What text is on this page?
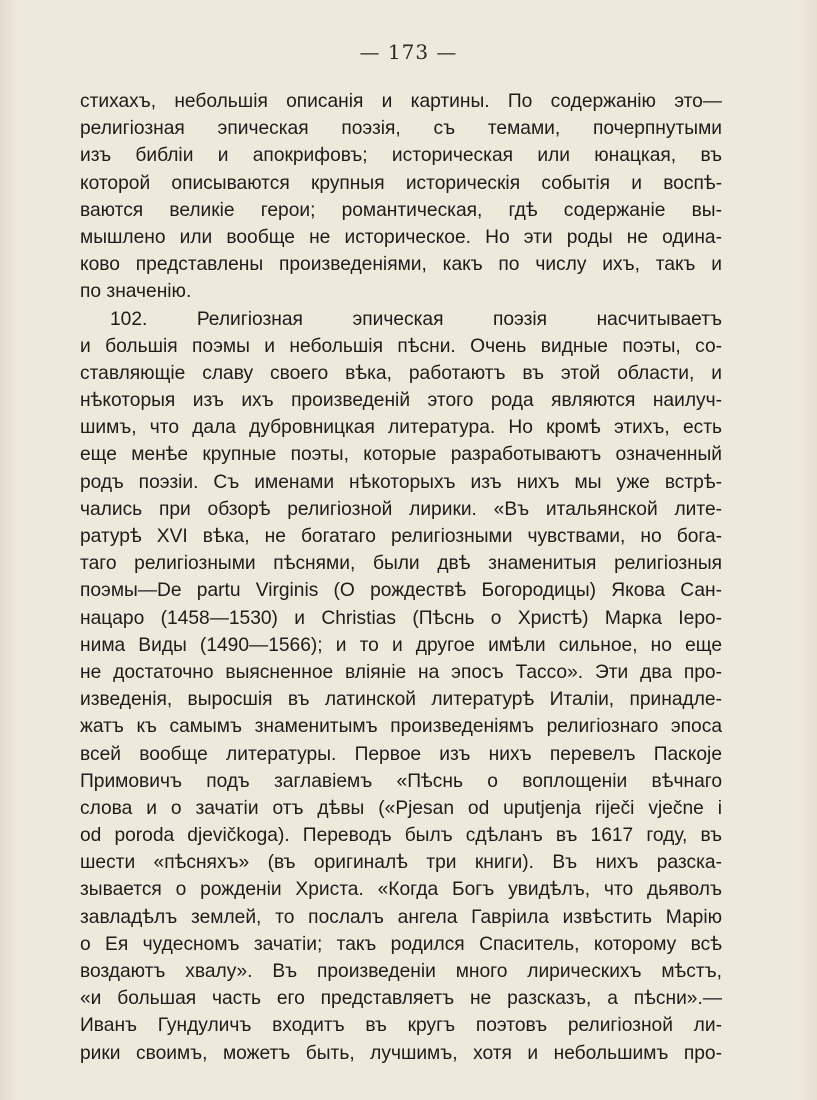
— 173 —
стихахъ, небольшія описанія и картины. По содержанію это—
религіозная эпическая поэзія, съ темами, почерпнутыми
изъ библіи и апокрифовъ; историческая или юнацкая, въ
которой описываются крупныя историческія событія и воспѣ-
ваются великіе герои; романтическая, гдѣ содержаніе вы-
мышлено или вообще не историческое. Но эти роды не одина-
ково представлены произведеніями, какъ по числу ихъ, такъ и
по значенію.
102. Религіозная эпическая поэзія насчитываетъ
и большія поэмы и небольшія пѣсни. Очень видные поэты, со-
ставляющіе славу своего вѣка, работаютъ въ этой области, и
нѣкоторыя изъ ихъ произведеній этого рода являются наилуч-
шимъ, что дала дубровницкая литература. Но кромѣ этихъ, есть
еще менѣе крупные поэты, которые разработываютъ означенный
родъ поэзіи. Съ именами нѣкоторыхъ изъ нихъ мы уже встрѣ-
чались при обзорѣ религіозной лирики. «Въ итальянской лите-
ратурѣ XVI вѣка, не богатаго религіозными чувствами, но бога-
таго религіозными пѣснями, были двѣ знаменитыя религіозныя
поэмы—De partu Virginis (О рождествѣ Богородицы) Якова Сан-
нацаро (1458—1530) и Christias (Пѣснь о Христѣ) Марка Іеро-
нима Виды (1490—1566); и то и другое имѣли сильное, но еще
не достаточно выясненное вліяніе на эпосъ Тассо». Эти два про-
изведенія, выросшія въ латинской литературѣ Италіи, принадле-
жатъ къ самымъ знаменитымъ произведеніямъ религіознаго эпоса
всей вообще литературы. Первое изъ нихъ перевелъ Паскоје
Примовичъ подъ заглавіемъ «Пѣснь о воплощеніи вѣчнаго
слова и о зачатіи отъ дѣвы («Pjesan od uputjenja riječi vječne i
od poroda djevičkoga). Переводъ былъ сдѣланъ въ 1617 году, въ
шести «пѣсняхъ» (въ оригиналѣ три книги). Въ нихъ разска-
зывается о рожденіи Христа. «Когда Богъ увидѣлъ, что дьяволъ
завладѣлъ землей, то послалъ ангела Гавріила извѣстить Марію
о Ея чудесномъ зачатіи; такъ родился Спаситель, которому всѣ
воздаютъ хвалу». Въ произведеніи много лирическихъ мѣстъ,
«и большая часть его представляетъ не разсказъ, а пѣсни».—
Иванъ Гундуличъ входитъ въ кругъ поэтовъ религіозной ли-
рики своимъ, можетъ быть, лучшимъ, хотя и небольшимъ про-
